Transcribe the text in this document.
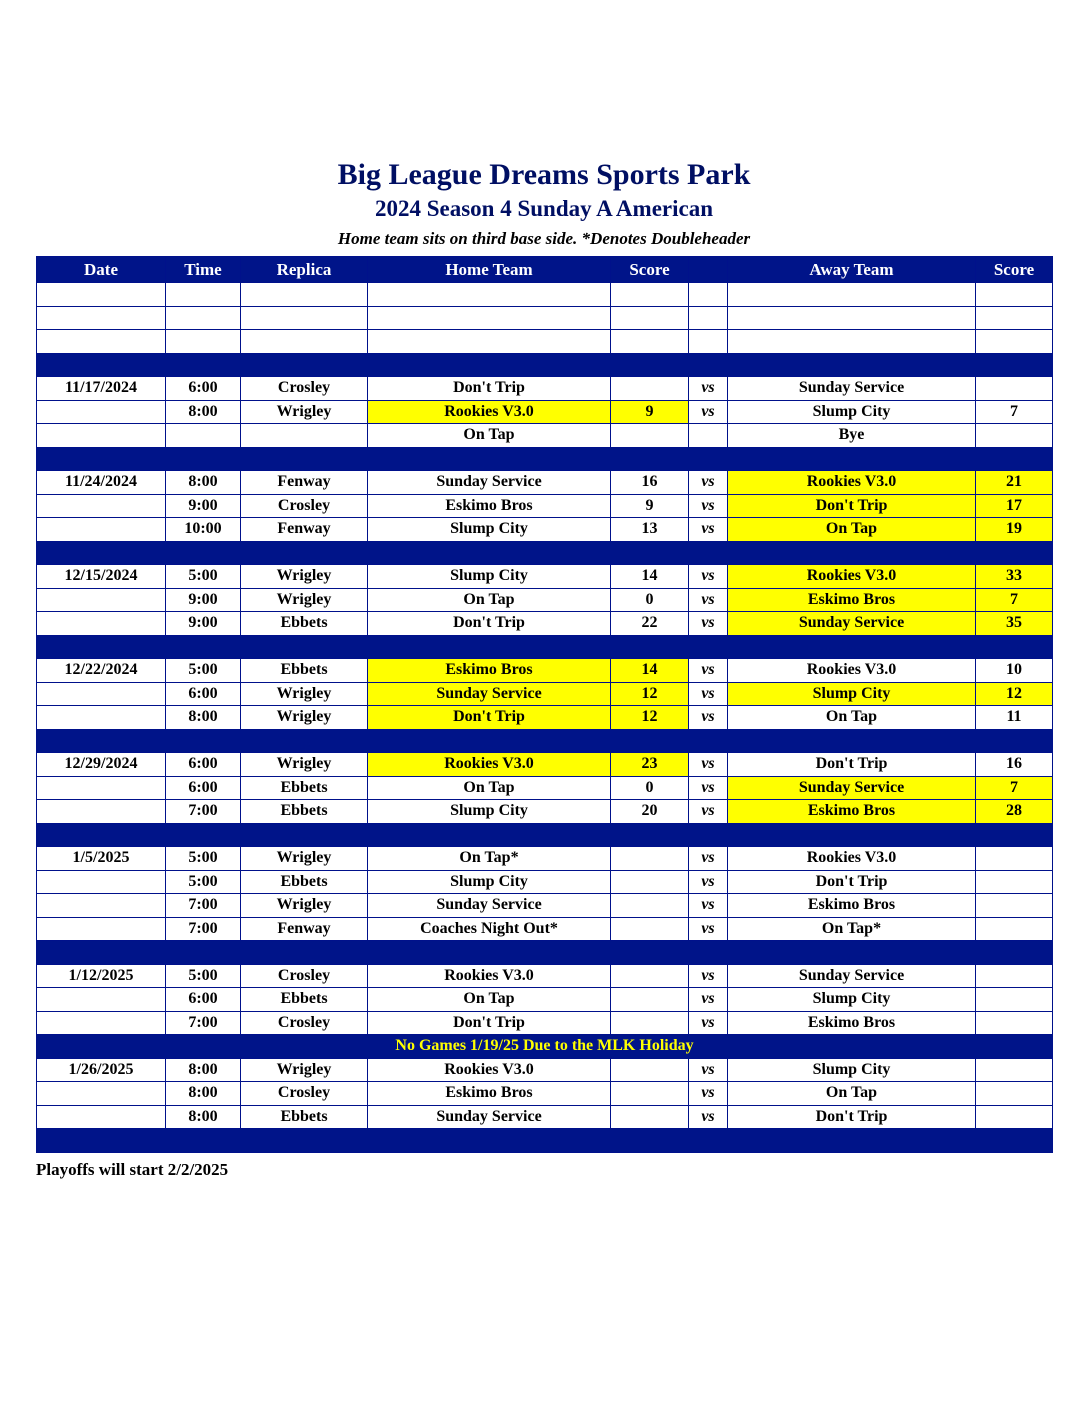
Big League Dreams Sports Park
2024 Season 4 Sunday A American

Home team sits on third base side. *Denotes Doubleheader

Date	Time	Replica	Home Team	Score		Away Team	Score

11/17/2024	6:00	Crosley	Don't Trip		vs	Sunday Service	
	8:00	Wrigley	Rookies V3.0	9	vs	Slump City	7
			On Tap			Bye	

11/24/2024	8:00	Fenway	Sunday Service	16	vs	Rookies V3.0	21
	9:00	Crosley	Eskimo Bros	9	vs	Don't Trip	17
	10:00	Fenway	Slump City	13	vs	On Tap	19

12/15/2024	5:00	Wrigley	Slump City	14	vs	Rookies V3.0	33
	9:00	Wrigley	On Tap	0	vs	Eskimo Bros	7
	9:00	Ebbets	Don't Trip	22	vs	Sunday Service	35

12/22/2024	5:00	Ebbets	Eskimo Bros	14	vs	Rookies V3.0	10
	6:00	Wrigley	Sunday Service	12	vs	Slump City	12
	8:00	Wrigley	Don't Trip	12	vs	On Tap	11

12/29/2024	6:00	Wrigley	Rookies V3.0	23	vs	Don't Trip	16
	6:00	Ebbets	On Tap	0	vs	Sunday Service	7
	7:00	Ebbets	Slump City	20	vs	Eskimo Bros	28

1/5/2025	5:00	Wrigley	On Tap*		vs	Rookies V3.0	
	5:00	Ebbets	Slump City		vs	Don't Trip	
	7:00	Wrigley	Sunday Service		vs	Eskimo Bros	
	7:00	Fenway	Coaches Night Out*		vs	On Tap*	

1/12/2025	5:00	Crosley	Rookies V3.0		vs	Sunday Service	
	6:00	Ebbets	On Tap		vs	Slump City	
	7:00	Crosley	Don't Trip		vs	Eskimo Bros	
No Games 1/19/25 Due to the MLK Holiday							
1/26/2025	8:00	Wrigley	Rookies V3.0		vs	Slump City	
	8:00	Crosley	Eskimo Bros		vs	On Tap	
	8:00	Ebbets	Sunday Service		vs	Don't Trip	

Playoffs will start 2/2/2025
